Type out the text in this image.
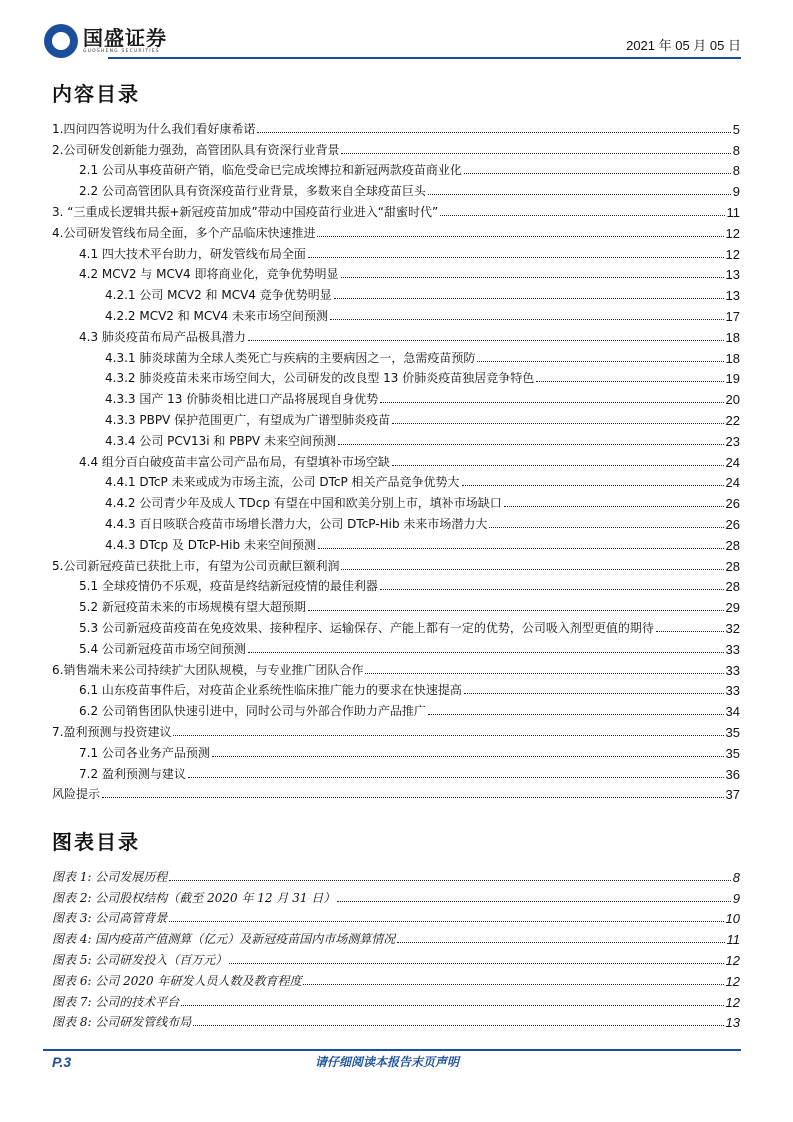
国盛证券
GUOSHENG SECURITIES	2021 年 05 月 05 日
内容目录
1.四问四答说明为什么我们看好康希诺	5
2.公司研发创新能力强劲，高管团队具有资深行业背景	8
2.1 公司从事疫苗研产销，临危受命已完成埃博拉和新冠两款疫苗商业化	8
2.2 公司高管团队具有资深疫苗行业背景，多数来自全球疫苗巨头	9
3. “三重成长逻辑共振+新冠疫苗加成”带动中国疫苗行业进入“甜蜜时代”	11
4.公司研发管线布局全面，多个产品临床快速推进	12
4.1 四大技术平台助力，研发管线布局全面	12
4.2 MCV2 与 MCV4 即将商业化，竞争优势明显	13
4.2.1 公司 MCV2 和 MCV4 竞争优势明显	13
4.2.2 MCV2 和 MCV4 未来市场空间预测	17
4.3 肺炎疫苗布局产品极具潜力	18
4.3.1 肺炎球菌为全球人类死亡与疾病的主要病因之一，急需疫苗预防	18
4.3.2 肺炎疫苗未来市场空间大，公司研发的改良型 13 价肺炎疫苗独居竞争特色	19
4.3.3 国产 13 价肺炎相比进口产品将展现自身优势	20
4.3.3 PBPV 保护范围更广，有望成为广谱型肺炎疫苗	22
4.3.4 公司 PCV13i 和 PBPV 未来空间预测	23
4.4 组分百白破疫苗丰富公司产品布局，有望填补市场空缺	24
4.4.1 DTcP 未来或成为市场主流，公司 DTcP 相关产品竞争优势大	24
4.4.2 公司青少年及成人 TDcp 有望在中国和欧美分别上市，填补市场缺口	26
4.4.3 百日咳联合疫苗市场增长潜力大，公司 DTcP-Hib 未来市场潜力大	26
4.4.3 DTcp 及 DTcP-Hib 未来空间预测	28
5.公司新冠疫苗已获批上市，有望为公司贡献巨额利润	28
5.1 全球疫情仍不乐观，疫苗是终结新冠疫情的最佳利器	28
5.2 新冠疫苗未来的市场规模有望大超预期	29
5.3 公司新冠疫苗疫苗在免疫效果、接种程序、运输保存、产能上都有一定的优势，公司吸入剂型更值的期待	32
5.4 公司新冠疫苗市场空间预测	33
6.销售端未来公司持续扩大团队规模，与专业推广团队合作	33
6.1 山东疫苗事件后，对疫苗企业系统性临床推广能力的要求在快速提高	33
6.2 公司销售团队快速引进中，同时公司与外部合作助力产品推广	34
7.盈利预测与投资建议	35
7.1 公司各业务产品预测	35
7.2 盈利预测与建议	36
风险提示	37
图表目录
图表 1: 公司发展历程	8
图表 2: 公司股权结构（截至 2020 年 12 月 31 日）	9
图表 3: 公司高管背景	10
图表 4: 国内疫苗产值测算（亿元）及新冠疫苗国内市场测算情况	11
图表 5: 公司研发投入（百万元）	12
图表 6: 公司 2020 年研发人员人数及教育程度	12
图表 7: 公司的技术平台	12
图表 8: 公司研发管线布局	13
P.3	请仔细阅读本报告末页声明
